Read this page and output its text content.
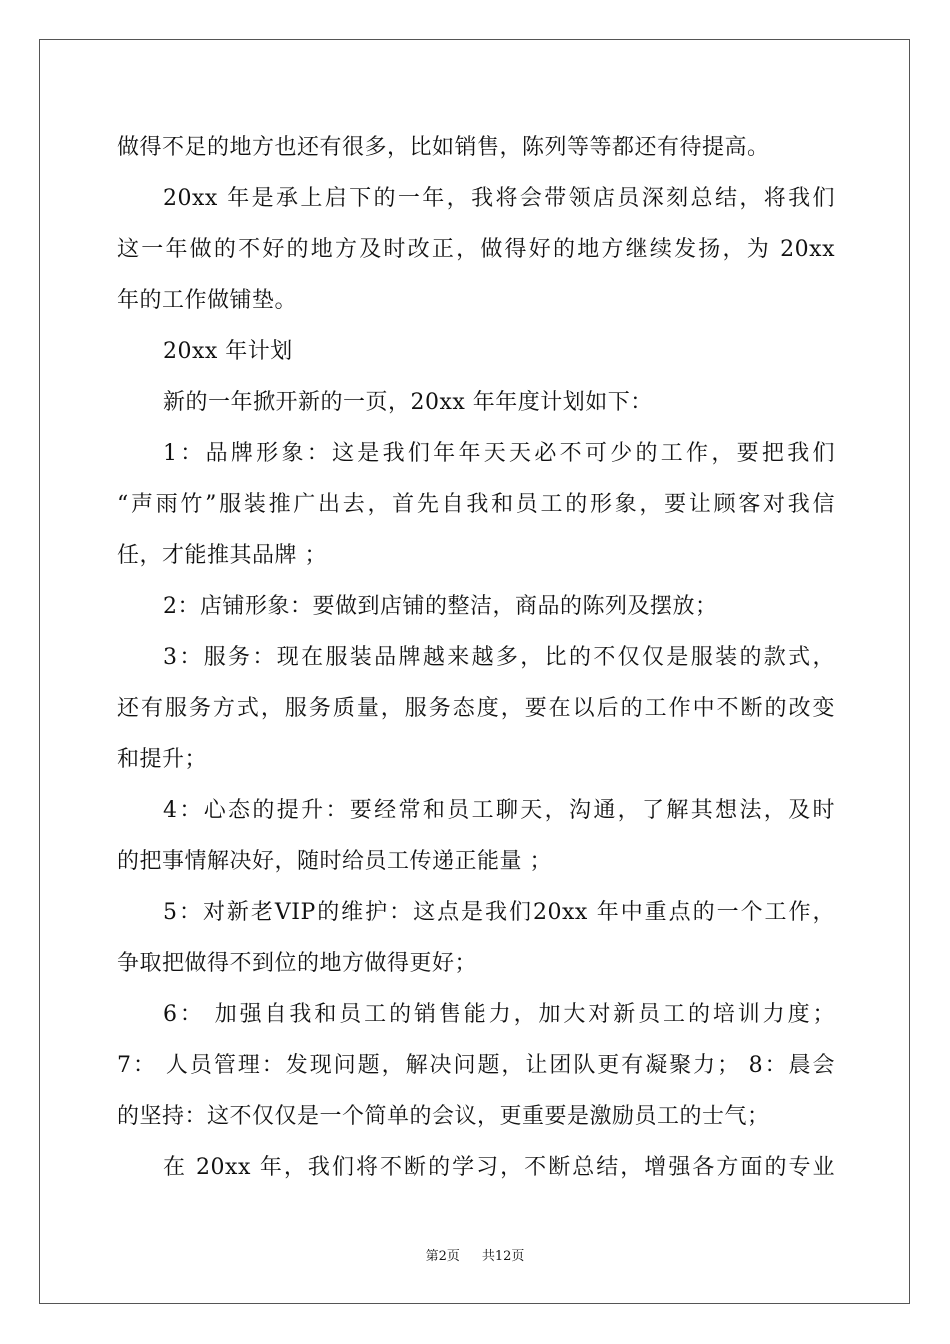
做得不足的地方也还有很多，比如销售，陈列等等都还有待提高。
20xx 年是承上启下的一年，我将会带领店员深刻总结，将我们
这一年做的不好的地方及时改正，做得好的地方继续发扬，为 20xx
年的工作做铺垫。
20xx 年计划
新的一年掀开新的一页，20xx 年年度计划如下：
1：品牌形象：这是我们年年天天必不可少的工作，要把我们
“声雨竹”服装推广出去，首先自我和员工的形象，要让顾客对我信
任，才能推其品牌 ；
2：店铺形象：要做到店铺的整洁，商品的陈列及摆放；
3：服务：现在服装品牌越来越多，比的不仅仅是服装的款式，
还有服务方式，服务质量，服务态度，要在以后的工作中不断的改变
和提升；
4：心态的提升：要经常和员工聊天，沟通，了解其想法，及时
的把事情解决好，随时给员工传递正能量 ；
5：对新老VIP的维护：这点是我们20xx 年中重点的一个工作，
争取把做得不到位的地方做得更好；
6： 加强自我和员工的销售能力，加大对新员工的培训力度；
7： 人员管理：发现问题，解决问题，让团队更有凝聚力； 8：晨会
的坚持：这不仅仅是一个简单的会议，更重要是激励员工的士气；
在 20xx 年，我们将不断的学习，不断总结，增强各方面的专业
第2页 共12页
